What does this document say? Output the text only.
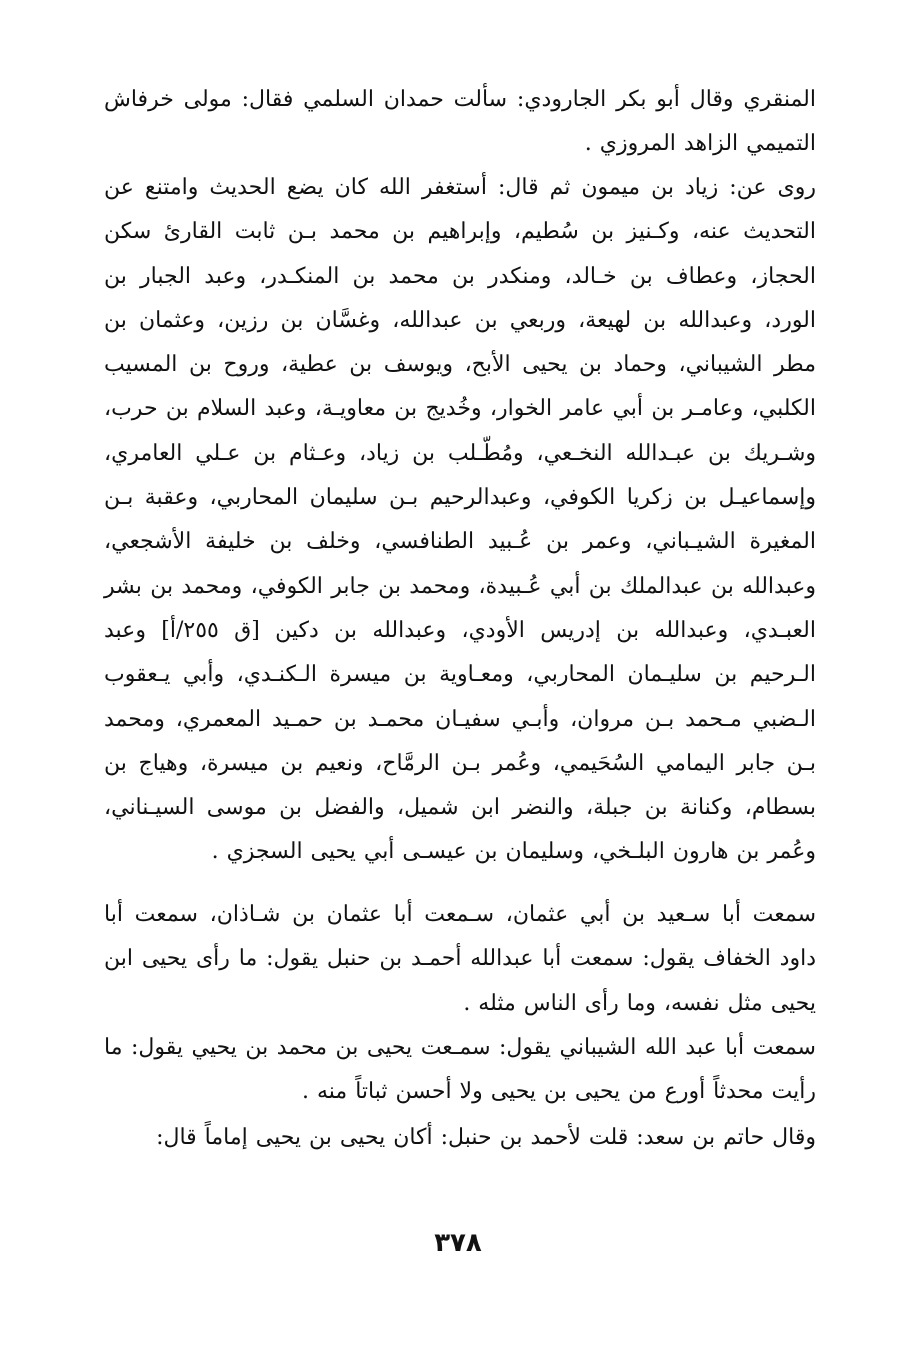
المنقري وقال أبو بكر الجارودي: سألت حمدان السلمي فقال: مولى خرفاش التميمي الزاهد المروزي .

روى عن: زياد بن ميمون ثم قال: أستغفر الله كان يضع الحديث وامتنع عن التحديث عنه، وكـنيز بن سُطيم، وإبراهيم بن محمد بـن ثابت القارئ سكن الحجاز، وعطاف بن خـالد، ومنكدر بن محمد بن المنكـدر، وعبد الجبار بن الورد، وعبدالله بن لهيعة، وربعي بن عبدالله، وغسَّان بن رزين، وعثمان بن مطر الشيباني، وحماد بن يحيى الأبح، ويوسف بن عطية، وروح بن المسيب الكلبي، وعامـر بن أبي عامر الخوار، وخُديج بن معاويـة، وعبد السلام بن حرب، وشـريك بن عبـدالله النخـعي، ومُطّـلب بن زياد، وعـثام بن عـلي العامري، وإسماعيـل بن زكريا الكوفي، وعبدالرحيم بـن سليمان المحاربي، وعقبة بـن المغيرة الشيـباني، وعمر بن عُـبيد الطنافسي، وخلف بن خليفة الأشجعي، وعبدالله بن عبدالملك بن أبي عُـبيدة، ومحمد بن جابر الكوفي، ومحمد بن بشر العبـدي، وعبدالله بن إدريس الأودي، وعبدالله بن دكين [ق ٢٥٥/أ] وعبد الـرحيم بن سليـمان المحاربي، ومعـاوية بن ميسرة الـكنـدي، وأبي يـعقوب الـضبي مـحمد بـن مروان، وأبـي سفيـان محمـد بن حمـيد المعمري، ومحمد بـن جابر اليمامي السُحَيمي، وعُمر بـن الرمَّاح، ونعيم بن ميسرة، وهياج بن بسطام، وكنانة بن جبلة، والنضر ابن شميل، والفضل بن موسى السيـناني، وعُمر بن هارون البلـخي، وسليمان بن عيسـى أبي يحيى السجزي .

سمعت أبا سـعيد بن أبي عثمان، سـمعت أبا عثمان بن شـاذان، سمعت أبا داود الخفاف يقول: سمعت أبا عبدالله أحمـد بن حنبل يقول: ما رأى يحيى ابن يحيى مثل نفسه، وما رأى الناس مثله .

سمعت أبا عبد الله الشيباني يقول: سمـعت يحيى بن محمد بن يحيي يقول: ما رأيت محدثاً أورع من يحيى بن يحيى ولا أحسن ثباتاً منه .

وقال حاتم بن سعد: قلت لأحمد بن حنبل: أكان يحيى بن يحيى إماماً قال:

٣٧٨
